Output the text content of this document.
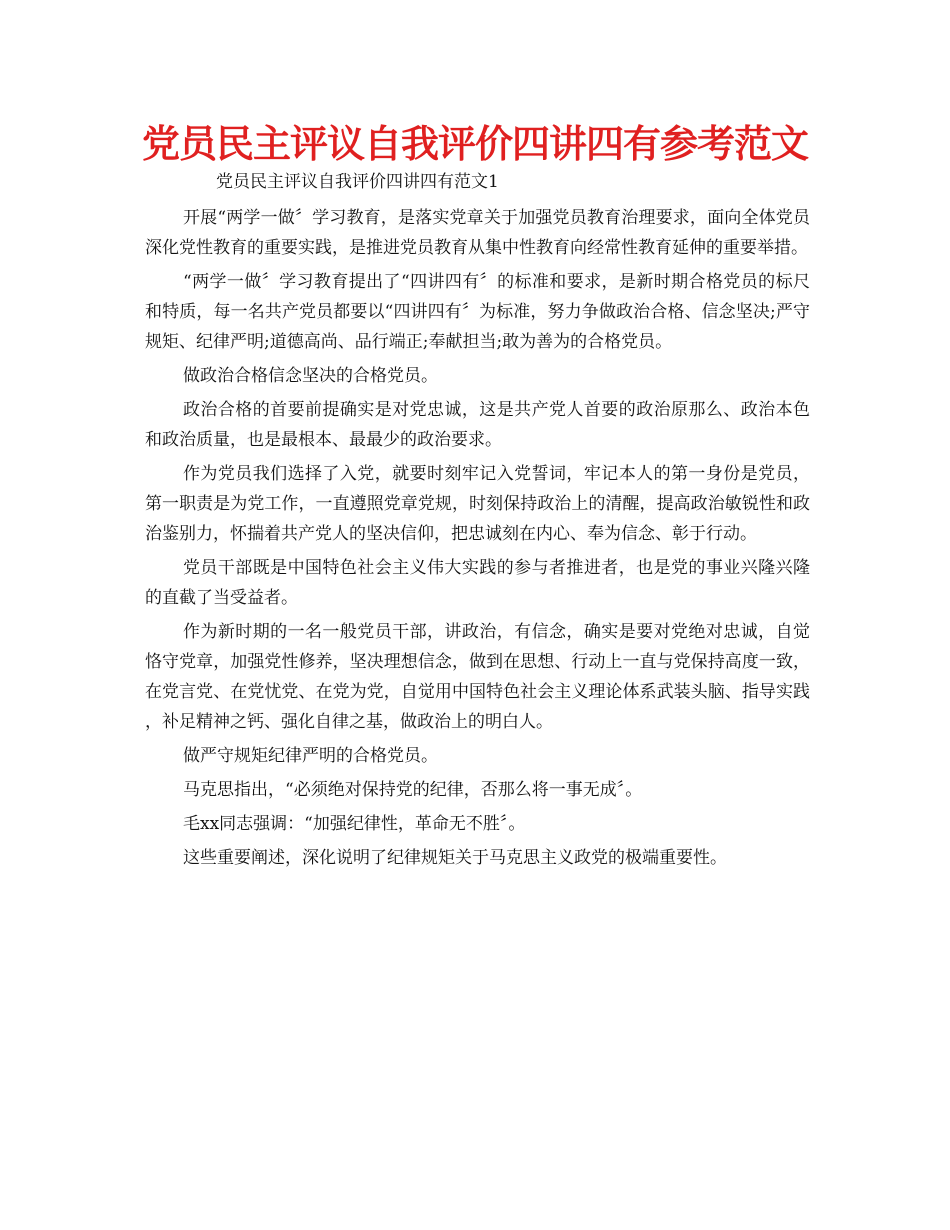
党员民主评议自我评价四讲四有参考范文
党员民主评议自我评价四讲四有范文1

开展“两学一做〞学习教育，是落实党章关于加强党员教育治理要求，面向全体党员深化党性教育的重要实践，是推进党员教育从集中性教育向经常性教育延伸的重要举措。

“两学一做〞学习教育提出了“四讲四有〞的标准和要求，是新时期合格党员的标尺和特质，每一名共产党员都要以“四讲四有〞为标准，努力争做政治合格、信念坚决;严守规矩、纪律严明;道德高尚、品行端正;奉献担当;敢为善为的合格党员。

做政治合格信念坚决的合格党员。

政治合格的首要前提确实是对党忠诚，这是共产党人首要的政治原那么、政治本色和政治质量，也是最根本、最最少的政治要求。

作为党员我们选择了入党，就要时刻牢记入党誓词，牢记本人的第一身份是党员，第一职责是为党工作，一直遵照党章党规，时刻保持政治上的清醒，提高政治敏锐性和政治鉴别力，怀揣着共产党人的坚决信仰，把忠诚刻在内心、奉为信念、彰于行动。

党员干部既是中国特色社会主义伟大实践的参与者推进者，也是党的事业兴隆兴隆的直截了当受益者。

作为新时期的一名一般党员干部，讲政治，有信念，确实是要对党绝对忠诚，自觉恪守党章，加强党性修养，坚决理想信念，做到在思想、行动上一直与党保持高度一致，在党言党、在党忧党、在党为党，自觉用中国特色社会主义理论体系武装头脑、指导实践，补足精神之钙、强化自律之基，做政治上的明白人。

做严守规矩纪律严明的合格党员。

马克思指出，“必须绝对保持党的纪律，否那么将一事无成〞。

毛xx同志强调：“加强纪律性，革命无不胜〞。

这些重要阐述，深化说明了纪律规矩关于马克思主义政党的极端重要性。
